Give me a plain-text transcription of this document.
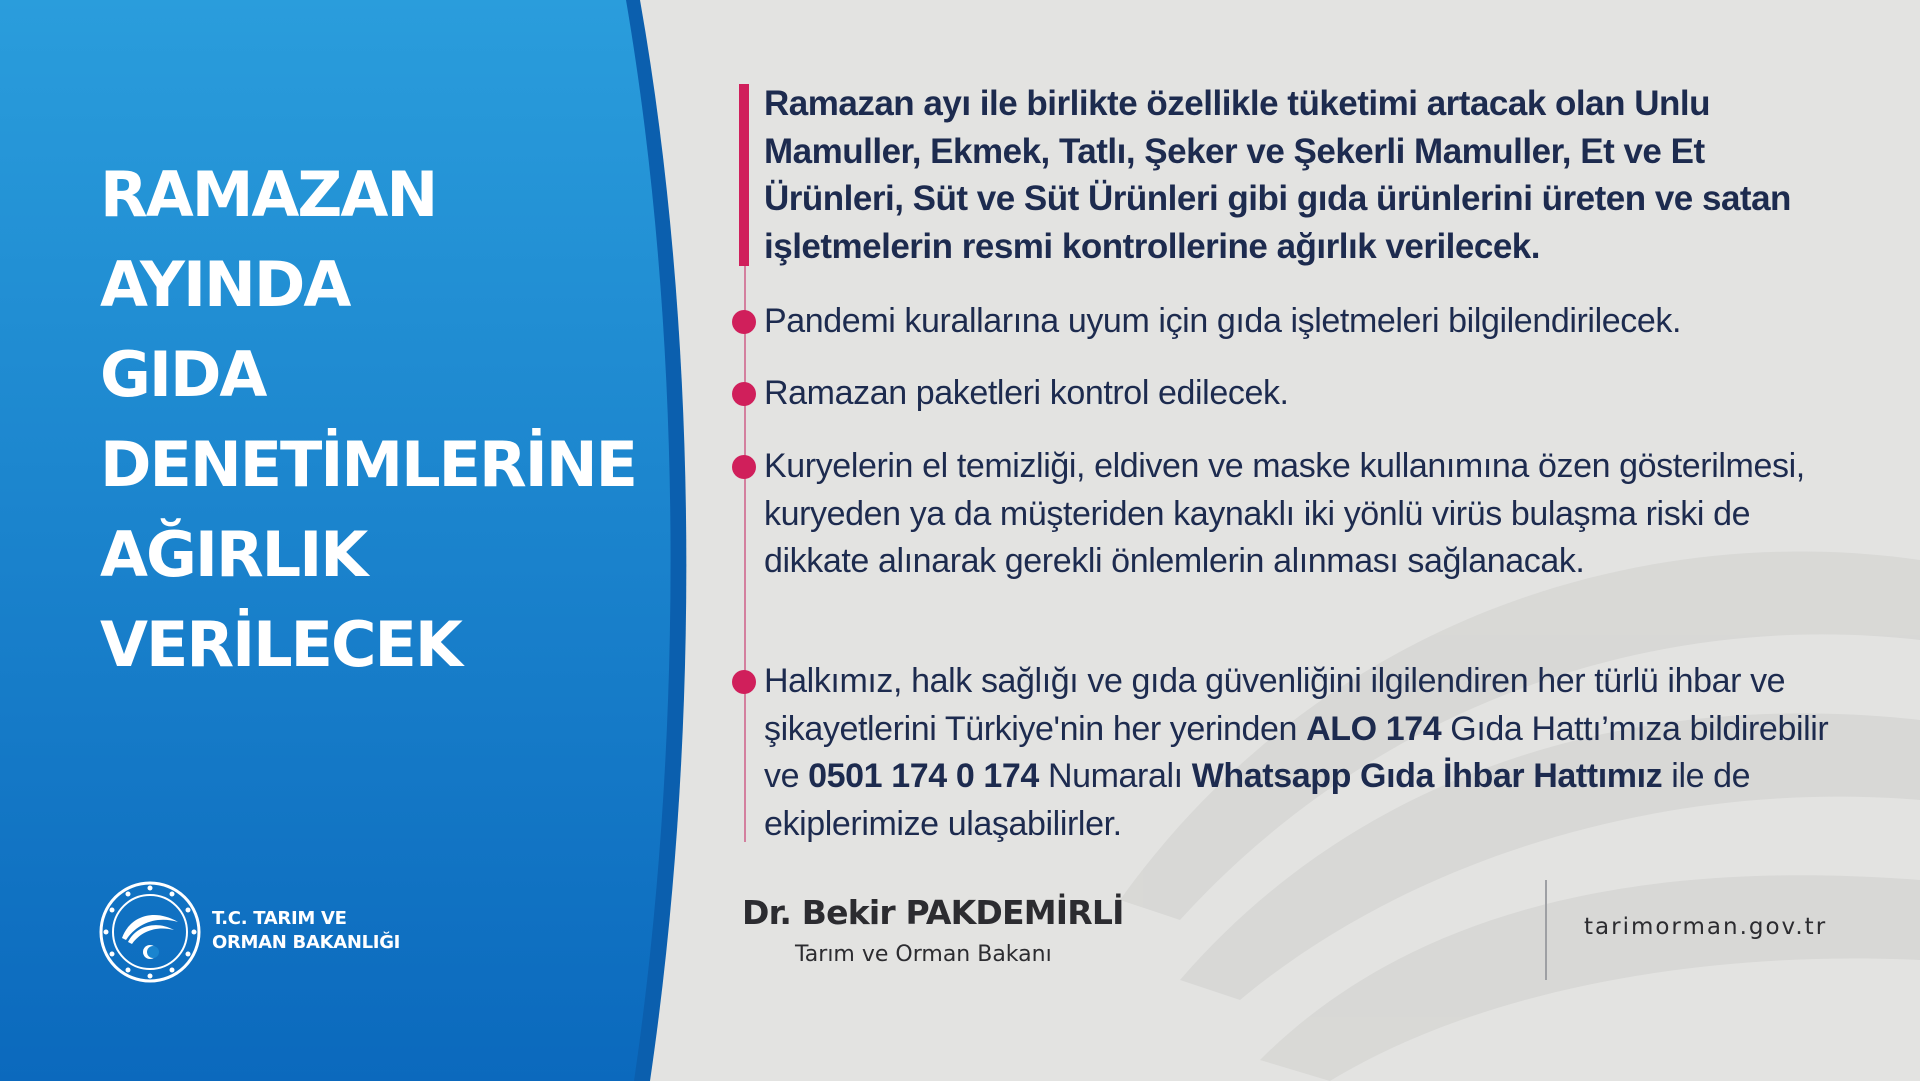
RAMAZAN
AYINDA
GIDA
DENETİMLERİNE
AĞIRLIK
VERİLECEK
T.C. TARIM VE
ORMAN BAKANLIĞI

Ramazan ayı ile birlikte özellikle tüketimi artacak olan Unlu Mamuller, Ekmek, Tatlı, Şeker ve Şekerli Mamuller, Et ve Et Ürünleri, Süt ve Süt Ürünleri gibi gıda ürünlerini üreten ve satan işletmelerin resmi kontrollerine ağırlık verilecek.

Pandemi kurallarına uyum için gıda işletmeleri bilgilendirilecek.

Ramazan paketleri kontrol edilecek.

Kuryelerin el temizliği, eldiven ve maske kullanımına özen gösterilmesi, kuryeden ya da müşteriden kaynaklı iki yönlü virüs bulaşma riski de dikkate alınarak gerekli önlemlerin alınması sağlanacak.

Halkımız, halk sağlığı ve gıda güvenliğini ilgilendiren her türlü ihbar ve şikayetlerini Türkiye'nin her yerinden ALO 174 Gıda Hattı’mıza bildirebilir ve 0501 174 0 174 Numaralı Whatsapp Gıda İhbar Hattımız ile de ekiplerimize ulaşabilirler.

Dr. Bekir PAKDEMİRLİ

Tarım ve Orman Bakanı

tarimorman.gov.tr
